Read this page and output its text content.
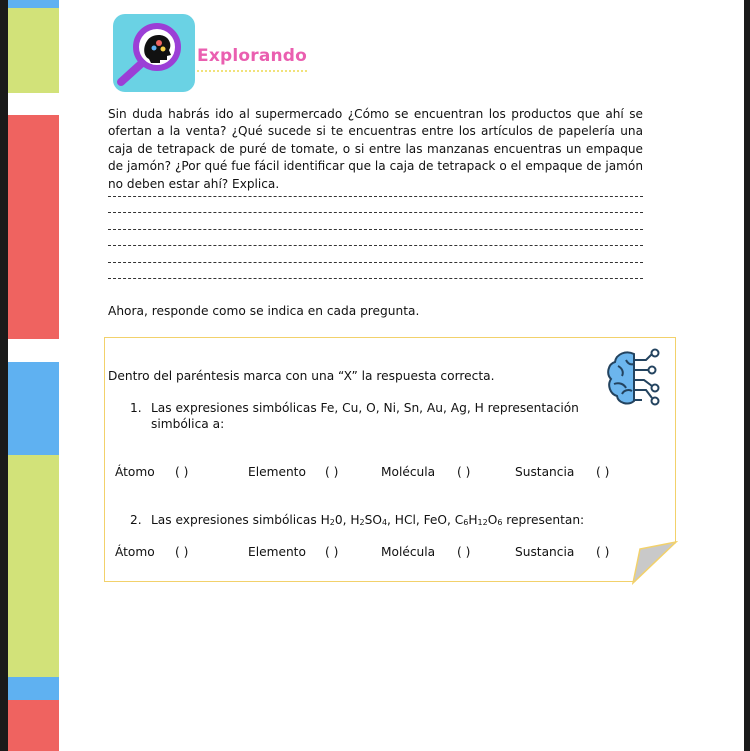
Explorando
Sin duda habrás ido al supermercado ¿Cómo se encuentran los productos que ahí se ofertan a la venta? ¿Qué sucede si te encuentras entre los artículos de papelería una caja de tetrapack de puré de tomate, o si entre las manzanas encuentras un empaque de jamón? ¿Por qué fue fácil identificar que la caja de tetrapack o el empaque de jamón no deben estar ahí? Explica.
Ahora, responde como se indica en cada pregunta.
Dentro del paréntesis marca con una “X” la respuesta correcta.
1. Las expresiones simbólicas Fe, Cu, O, Ni, Sn, Au, Ag, H representación
simbólica a:
Átomo ( )	Elemento ( )	Molécula ( )	Sustancia ( )
2. Las expresiones simbólicas $H_20$, $H_2SO_4$, HCl, FeO, $C_6H_{12}O_6$ representan:
Átomo ( )	Elemento ( )	Molécula ( )	Sustancia ( )
